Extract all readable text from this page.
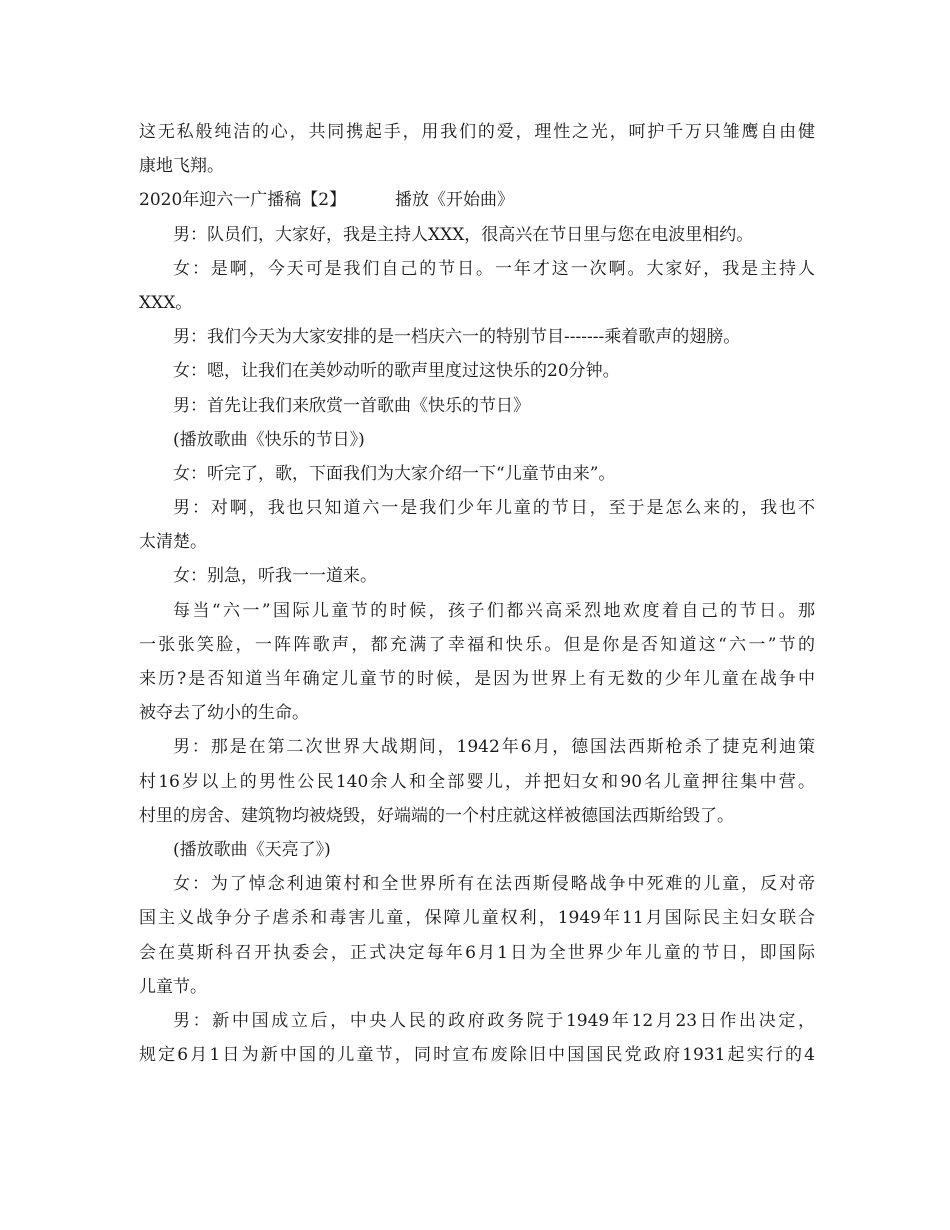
这无私般纯洁的心，共同携起手，用我们的爱，理性之光，呵护千万只雏鹰自由健
康地飞翔。
2020年迎六一广播稿【2】	播放《开始曲》
男：队员们，大家好，我是主持人XXX，很高兴在节日里与您在电波里相约。
女：是啊，今天可是我们自己的节日。一年才这一次啊。大家好，我是主持人
XXX。
男：我们今天为大家安排的是一档庆六一的特别节目-------乘着歌声的翅膀。
女：嗯，让我们在美妙动听的歌声里度过这快乐的20分钟。
男：首先让我们来欣赏一首歌曲《快乐的节日》
(播放歌曲《快乐的节日》)
女：听完了，歌，下面我们为大家介绍一下“儿童节由来”。
男：对啊，我也只知道六一是我们少年儿童的节日，至于是怎么来的，我也不
太清楚。
女：别急，听我一一道来。
每当“六一”国际儿童节的时候，孩子们都兴高采烈地欢度着自己的节日。那
一张张笑脸，一阵阵歌声，都充满了幸福和快乐。但是你是否知道这“六一”节的
来历?是否知道当年确定儿童节的时候，是因为世界上有无数的少年儿童在战争中
被夺去了幼小的生命。
男：那是在第二次世界大战期间，1942年6月，德国法西斯枪杀了捷克利迪策
村16岁以上的男性公民140余人和全部婴儿，并把妇女和90名儿童押往集中营。
村里的房舍、建筑物均被烧毁，好端端的一个村庄就这样被德国法西斯给毁了。
(播放歌曲《天亮了》)
女：为了悼念利迪策村和全世界所有在法西斯侵略战争中死难的儿童，反对帝
国主义战争分子虐杀和毒害儿童，保障儿童权利，1949年11月国际民主妇女联合
会在莫斯科召开执委会，正式决定每年6月1日为全世界少年儿童的节日，即国际
儿童节。
男：新中国成立后，中央人民的政府政务院于1949年12月23日作出决定，
规定6月1日为新中国的儿童节，同时宣布废除旧中国国民党政府1931起实行的4
